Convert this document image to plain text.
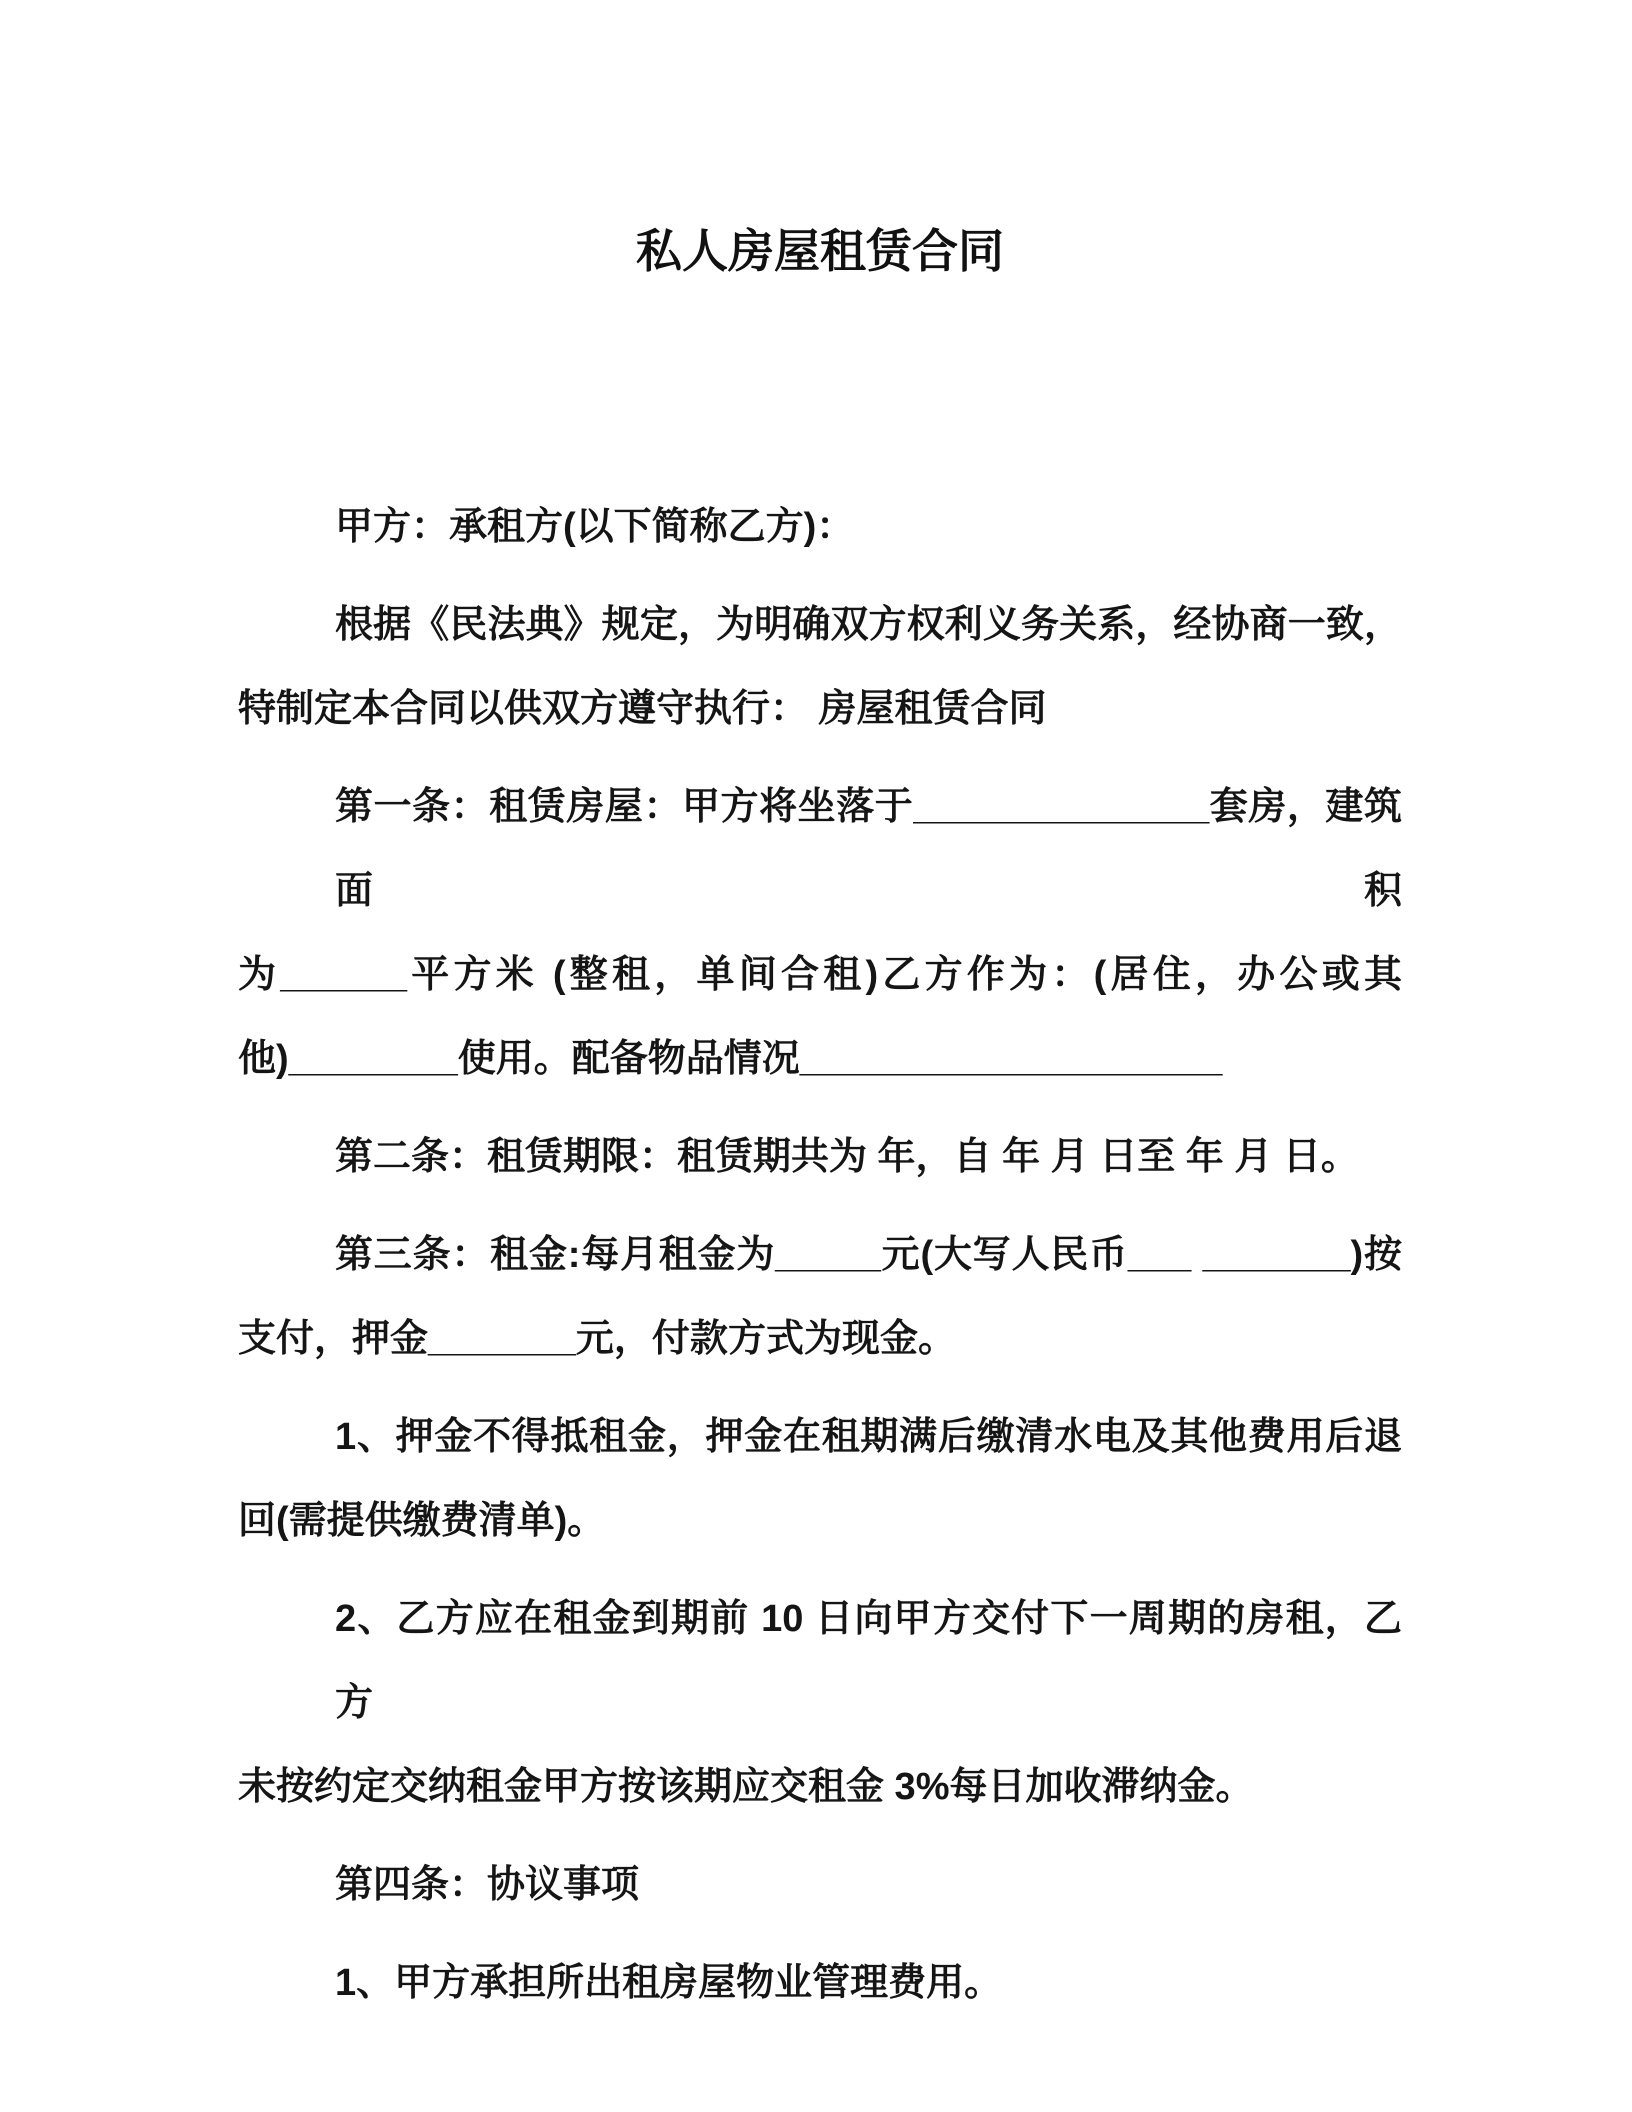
私人房屋租赁合同
甲方：承租方(以下简称乙方)：
根据《民法典》规定，为明确双方权利义务关系，经协商一致，
特制定本合同以供双方遵守执行： 房屋租赁合同
第一条：租赁房屋：甲方将坐落于______________套房，建筑面积
为______平方米 (整租，单间合租)乙方作为：(居住，办公或其
他)________使用。配备物品情况____________________
第二条：租赁期限：租赁期共为 年，自 年 月 日至 年 月 日。
第三条：租金:每月租金为_____元(大写人民币___ _______)按
支付，押金_______元，付款方式为现金。
1、押金不得抵租金，押金在租期满后缴清水电及其他费用后退
回(需提供缴费清单)。
2、乙方应在租金到期前 10 日向甲方交付下一周期的房租，乙方
未按约定交纳租金甲方按该期应交租金 3%每日加收滞纳金。
第四条：协议事项
1、甲方承担所出租房屋物业管理费用。
